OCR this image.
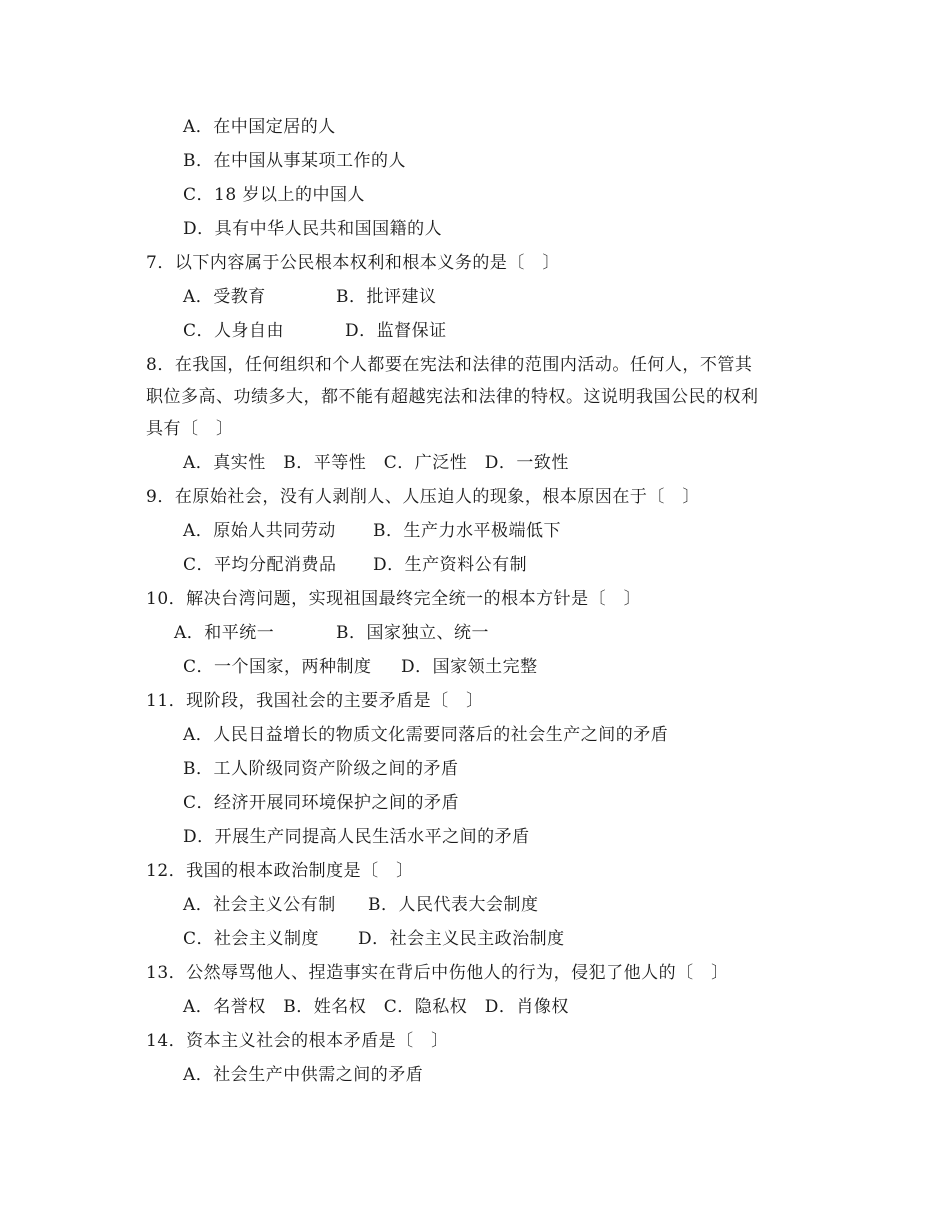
A．在中国定居的人
B．在中国从事某项工作的人
C．18 岁以上的中国人
D．具有中华人民共和国国籍的人
7．以下内容属于公民根本权利和根本义务的是〔　〕
A．受教育	B．批评建议
C．人身自由	D．监督保证
8．在我国，任何组织和个人都要在宪法和法律的范围内活动。任何人，不管其
职位多高、功绩多大，都不能有超越宪法和法律的特权。这说明我国公民的权利
具有〔　〕
A．真实性　B．平等性　C．广泛性　D．一致性
9．在原始社会，没有人剥削人、人压迫人的现象，根本原因在于〔　〕
A．原始人共同劳动 B．生产力水平极端低下
C．平均分配消费品 D．生产资料公有制
10．解决台湾问题，实现祖国最终完全统一的根本方针是〔　〕
A．和平统一	B．国家独立、统一
C．一个国家，两种制度 D．国家领土完整
11．现阶段，我国社会的主要矛盾是〔　〕
A．人民日益增长的物质文化需要同落后的社会生产之间的矛盾
B．工人阶级同资产阶级之间的矛盾
C．经济开展同环境保护之间的矛盾
D．开展生产同提高人民生活水平之间的矛盾
12．我国的根本政治制度是〔　〕
A．社会主义公有制 B．人民代表大会制度
C．社会主义制度 D．社会主义民主政治制度
13．公然辱骂他人、捏造事实在背后中伤他人的行为，侵犯了他人的〔　〕
A．名誉权　B．姓名权　C．隐私权　D．肖像权
14．资本主义社会的根本矛盾是〔　〕
A．社会生产中供需之间的矛盾
